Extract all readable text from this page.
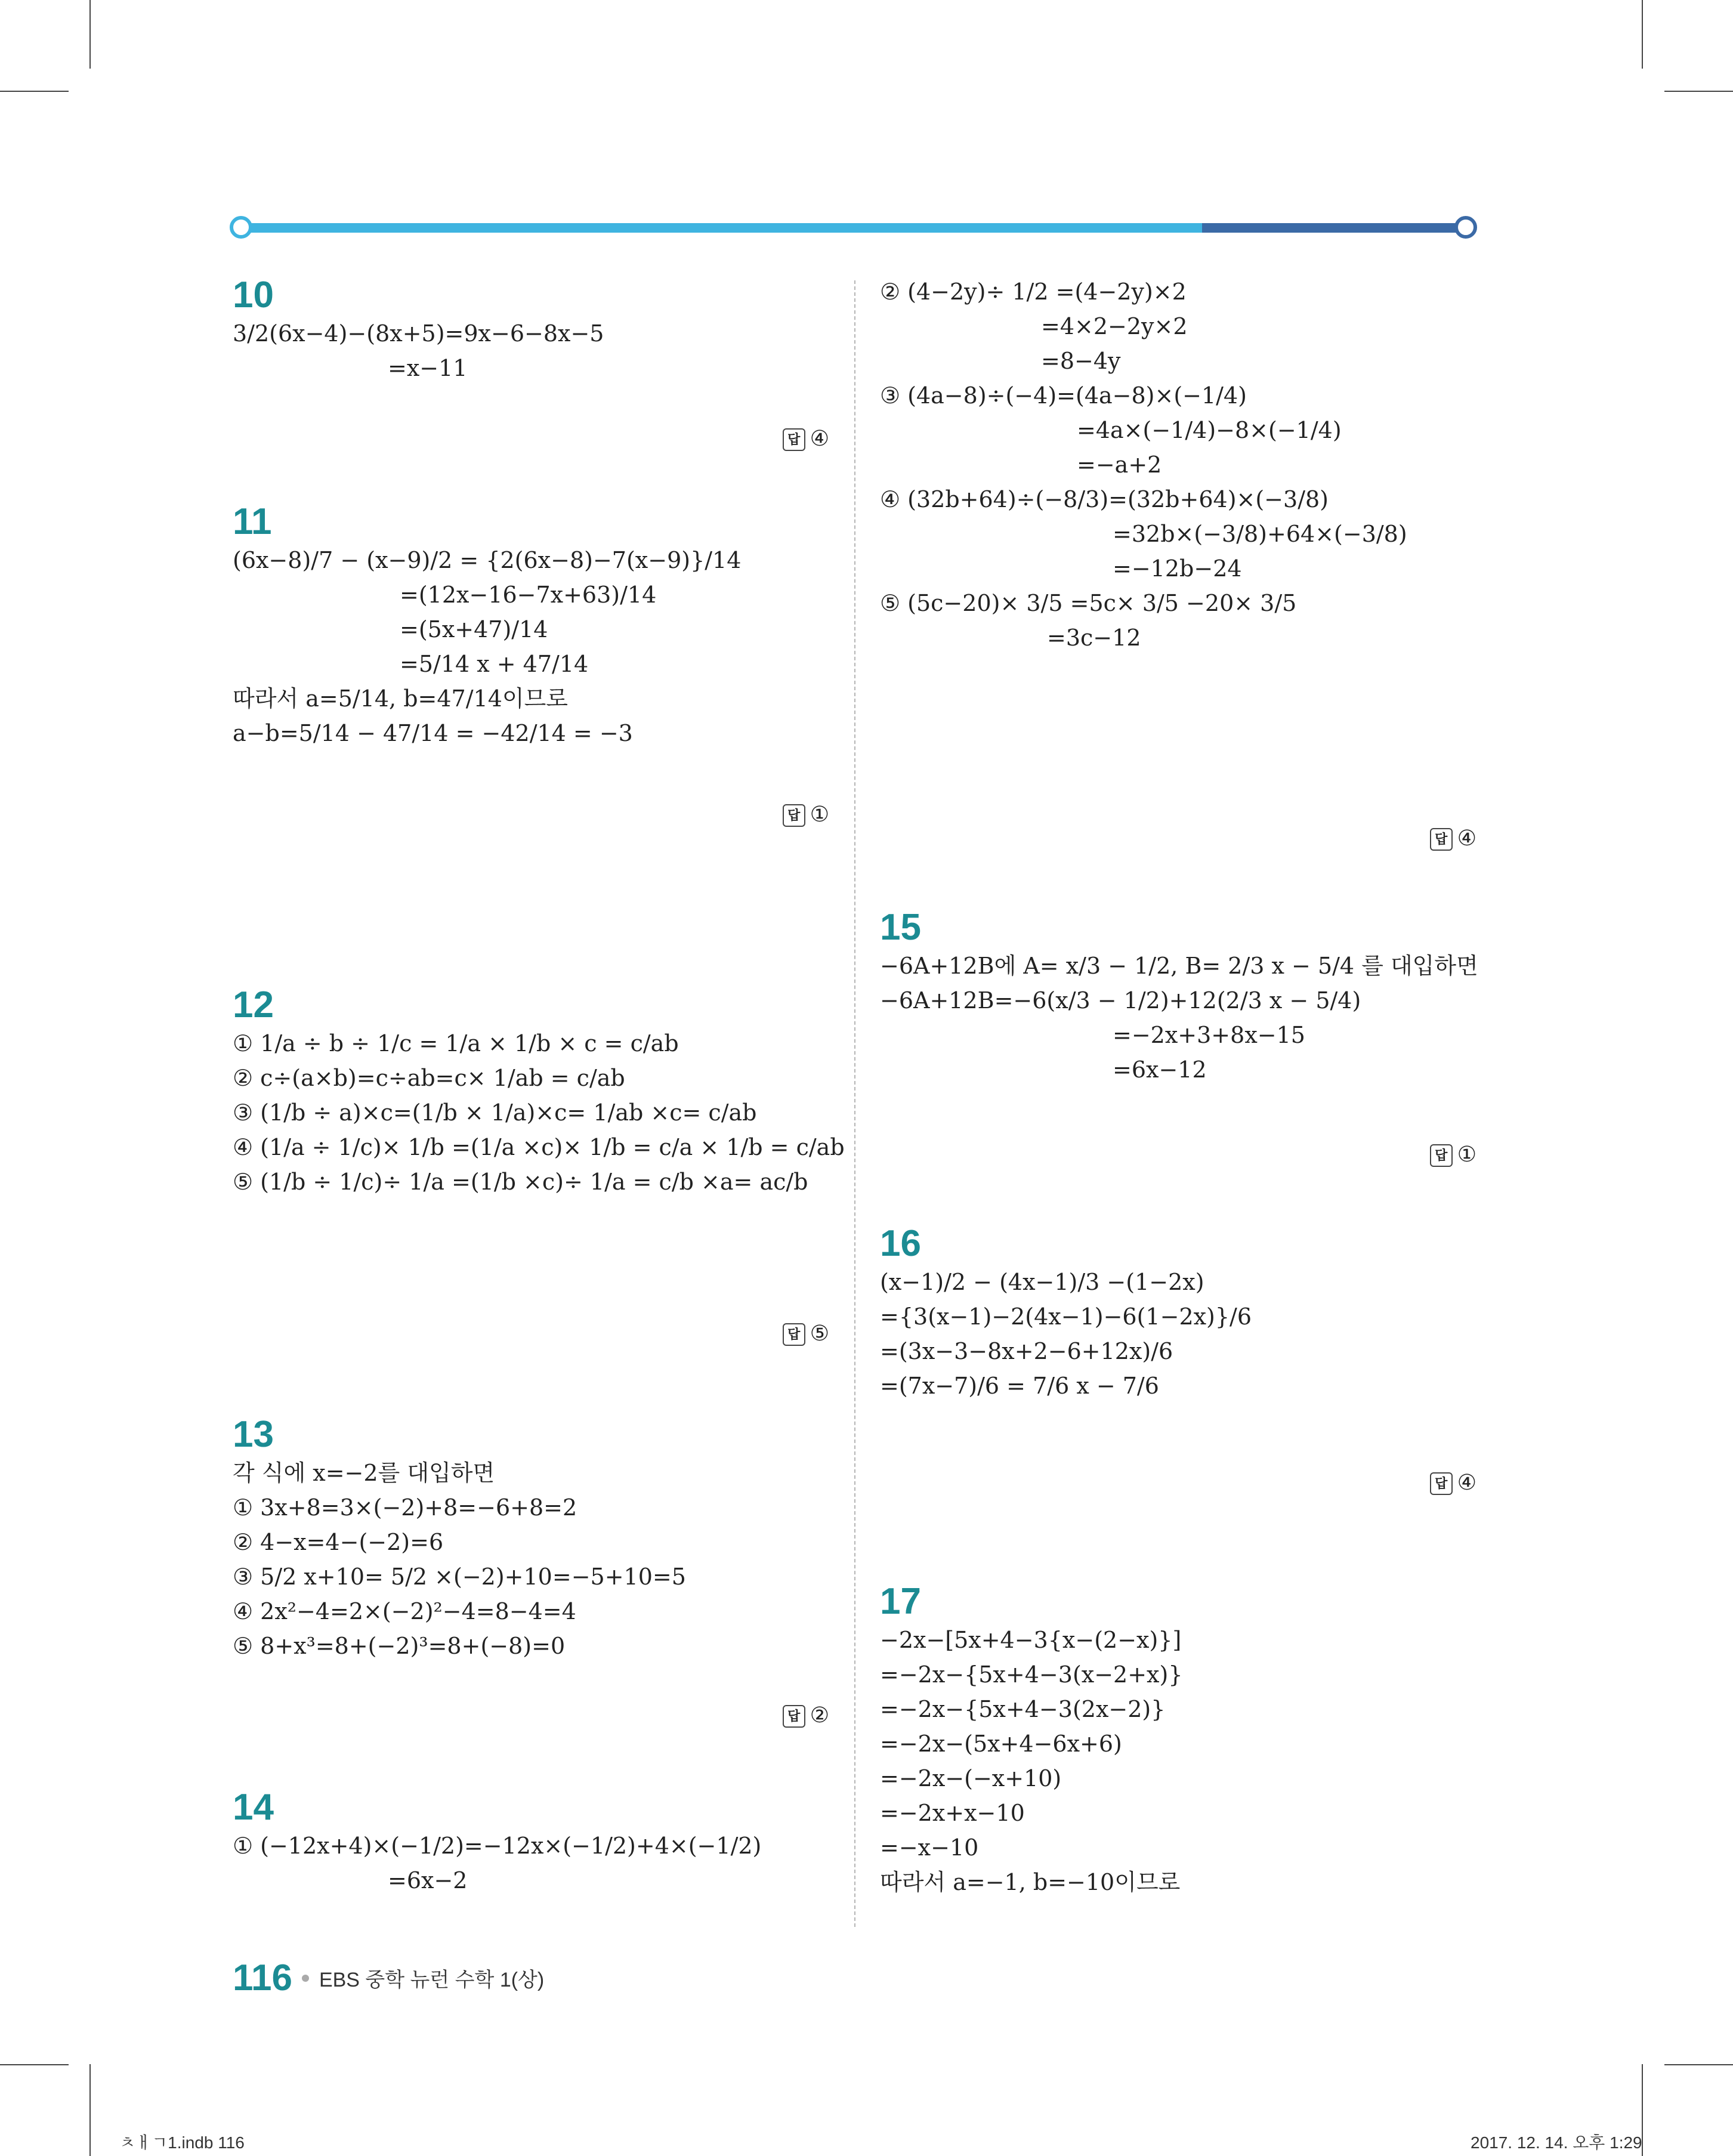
10
3/2(6x−4)−(8x+5)=9x−6−8x−5
=x−11
답 ④
11
(6x−8)/7 − (x−9)/2 = {2(6x−8)−7(x−9)}/14
=(12x−16−7x+63)/14
=(5x+47)/14
=5/14 x + 47/14
따라서 a=5/14, b=47/14이므로
a−b=5/14 − 47/14 = −42/14 = −3
답 ①
12
① 1/a ÷ b ÷ 1/c = 1/a × 1/b × c = c/ab
② c÷(a×b)=c÷ab=c× 1/ab = c/ab
③ (1/b ÷ a)×c=(1/b × 1/a)×c= 1/ab ×c= c/ab
④ (1/a ÷ 1/c)× 1/b =(1/a ×c)× 1/b = c/a × 1/b = c/ab
⑤ (1/b ÷ 1/c)÷ 1/a =(1/b ×c)÷ 1/a = c/b ×a= ac/b
답 ⑤
13
각 식에 x=−2를 대입하면
① 3x+8=3×(−2)+8=−6+8=2
② 4−x=4−(−2)=6
③ 5/2 x+10= 5/2 ×(−2)+10=−5+10=5
④ 2x²−4=2×(−2)²−4=8−4=4
⑤ 8+x³=8+(−2)³=8+(−8)=0
답 ②
14
① (−12x+4)×(−1/2)=−12x×(−1/2)+4×(−1/2)
=6x−2
② (4−2y)÷ 1/2 =(4−2y)×2
=4×2−2y×2
=8−4y
③ (4a−8)÷(−4)=(4a−8)×(−1/4)
=4a×(−1/4)−8×(−1/4)
=−a+2
④ (32b+64)÷(−8/3)=(32b+64)×(−3/8)
=32b×(−3/8)+64×(−3/8)
=−12b−24
⑤ (5c−20)× 3/5 =5c× 3/5 −20× 3/5
=3c−12
답 ④
15
−6A+12B에 A= x/3 − 1/2, B= 2/3 x − 5/4 를 대입하면
−6A+12B=−6(x/3 − 1/2)+12(2/3 x − 5/4)
=−2x+3+8x−15
=6x−12
답 ①
16
(x−1)/2 − (4x−1)/3 −(1−2x)
={3(x−1)−2(4x−1)−6(1−2x)}/6
=(3x−3−8x+2−6+12x)/6
=(7x−7)/6 = 7/6 x − 7/6
답 ④
17
−2x−[5x+4−3{x−(2−x)}]
=−2x−{5x+4−3(x−2+x)}
=−2x−{5x+4−3(2x−2)}
=−2x−(5x+4−6x+6)
=−2x−(−x+10)
=−2x+x−10
=−x−10
따라서 a=−1, b=−10이므로
116 EBS 중학 뉴런 수학 1(상)
ㅊㅐㄱ1.indb 116	2017. 12. 14. 오후 1:29
